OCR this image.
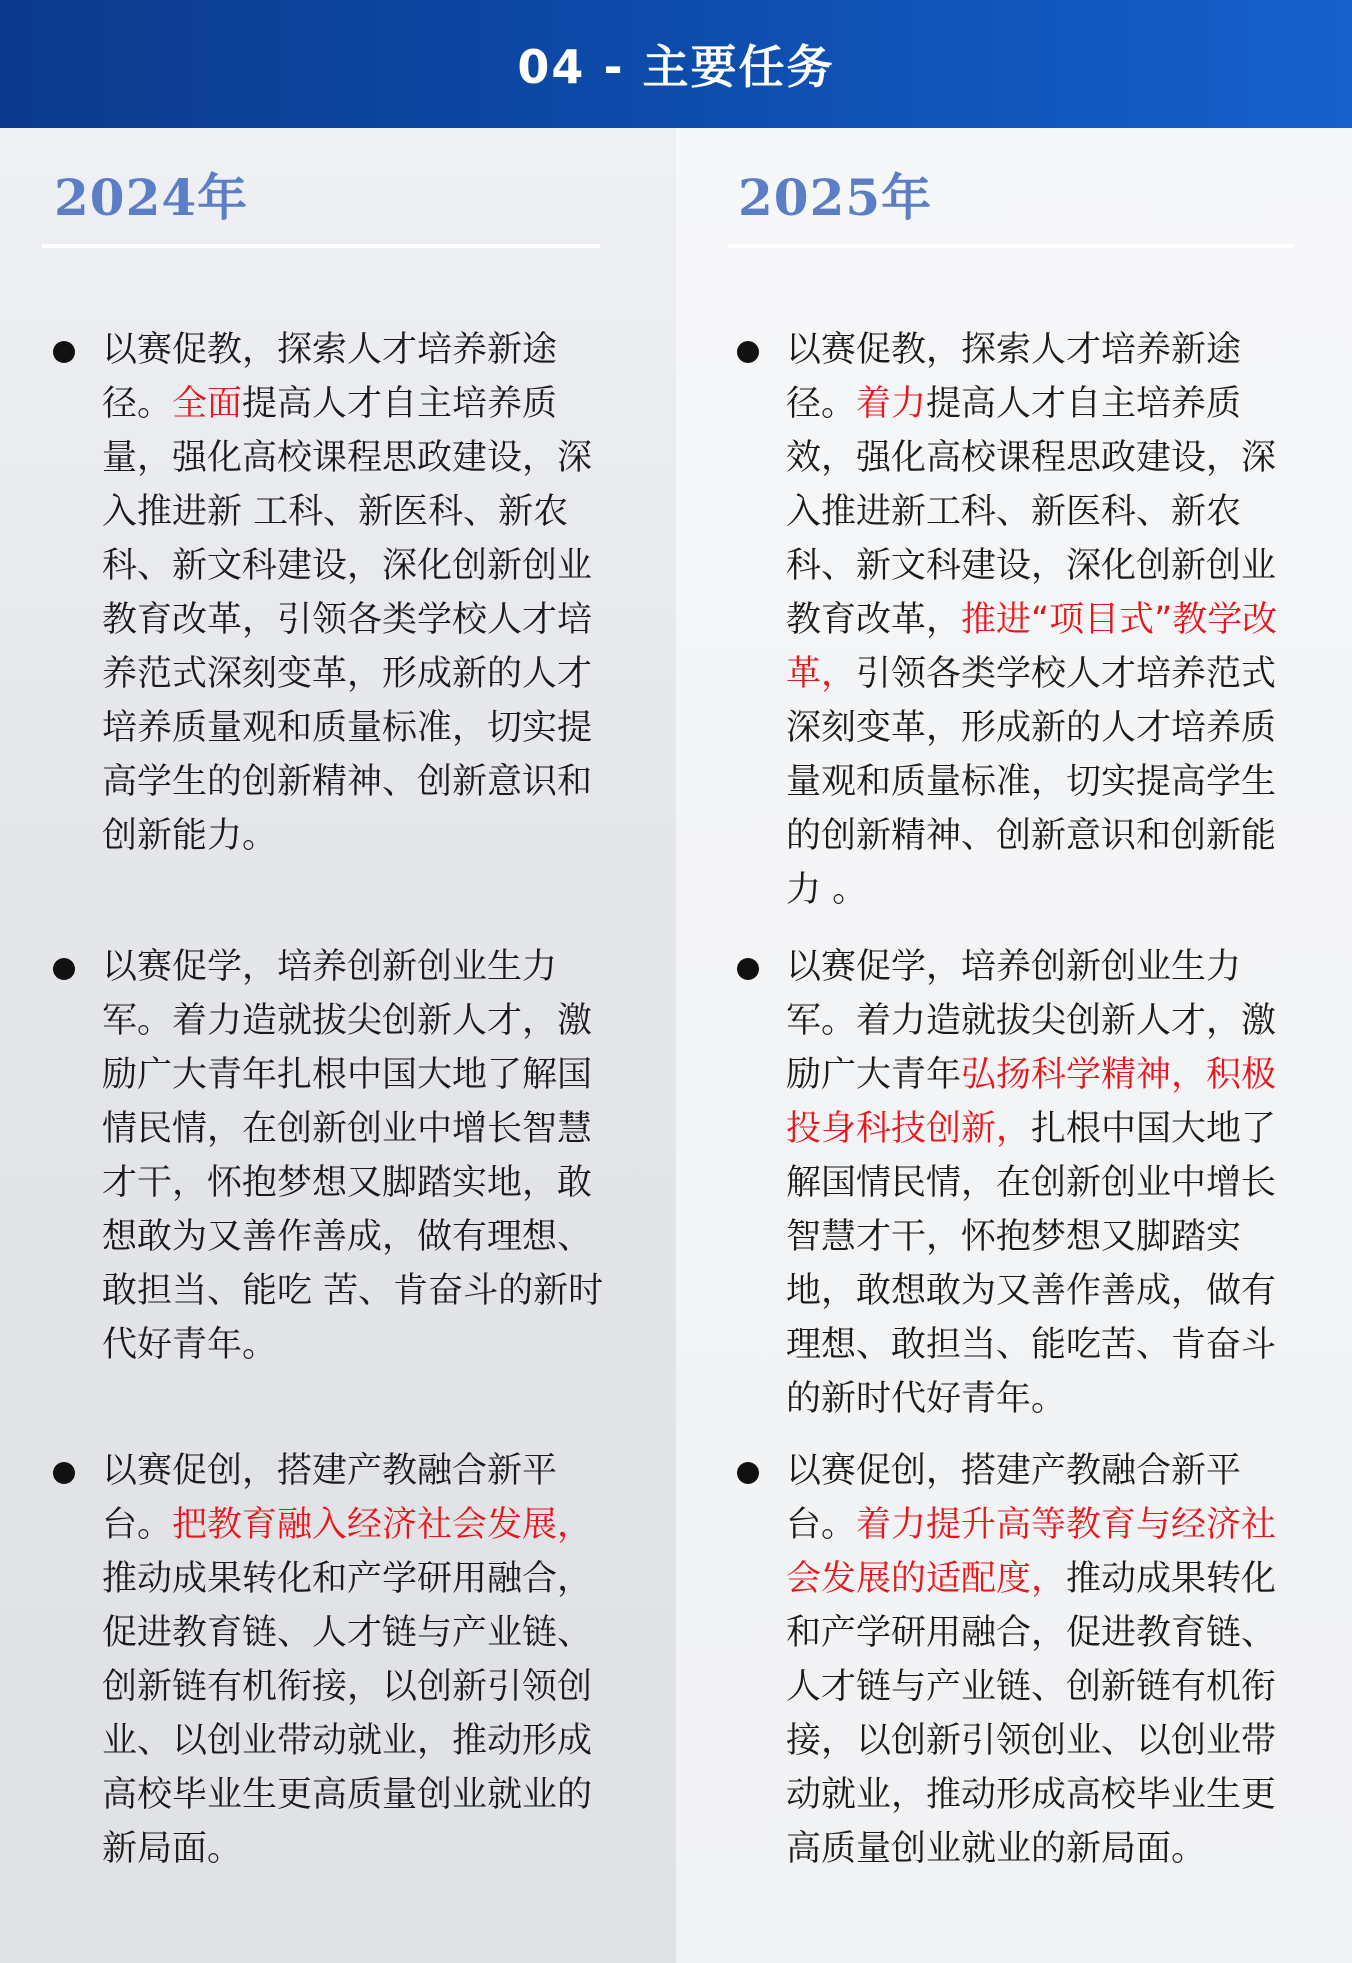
04 - 主要任务
2024年
以赛促教，探索人才培养新途径。全面提高人才自主培养质量，强化高校课程思政建设，深入推进新 工科、新医科、新农科、新文科建设，深化创新创业教育改革，引领各类学校人才培养范式深刻变革，形成新的人才培养质量观和质量标准，切实提高学生的创新精神、创新意识和创新能力。
以赛促学，培养创新创业生力军。着力造就拔尖创新人才，激励广大青年扎根中国大地了解国情民情，在创新创业中增长智慧才干，怀抱梦想又脚踏实地，敢想敢为又善作善成，做有理想、敢担当、能吃 苦、肯奋斗的新时代好青年。
以赛促创，搭建产教融合新平台。把教育融入经济社会发展，推动成果转化和产学研用融合，促进教育链、人才链与产业链、创新链有机衔接，以创新引领创业、以创业带动就业，推动形成高校毕业生更高质量创业就业的新局面。
2025年
以赛促教，探索人才培养新途径。着力提高人才自主培养质效，强化高校课程思政建设，深入推进新工科、新医科、新农 科、新文科建设，深化创新创业教育改革，推进“项目式”教学改革，引领各类学校人才培养范式深刻变革，形成新的人才培养质量观和质量标准，切实提高学生的创新精神、创新意识和创新能力 。
以赛促学，培养创新创业生力军。着力造就拔尖创新人才，激励广大青年弘扬科学精神，积极投身科技创新，扎根中国大地了解国情民情，在创新创业中增长智慧才干，怀抱梦想又脚踏实地，敢想敢为又善作善成，做有理想、敢担当、能吃苦、肯奋斗的新时代好青年。
以赛促创，搭建产教融合新平台。着力提升高等教育与经济社会发展的适配度，推动成果转化和产学研用融合，促进教育链、人才链与产业链、创新链有机衔接，以创新引领创业、以创业带动就业，推动形成高校毕业生更高质量创业就业的新局面。
